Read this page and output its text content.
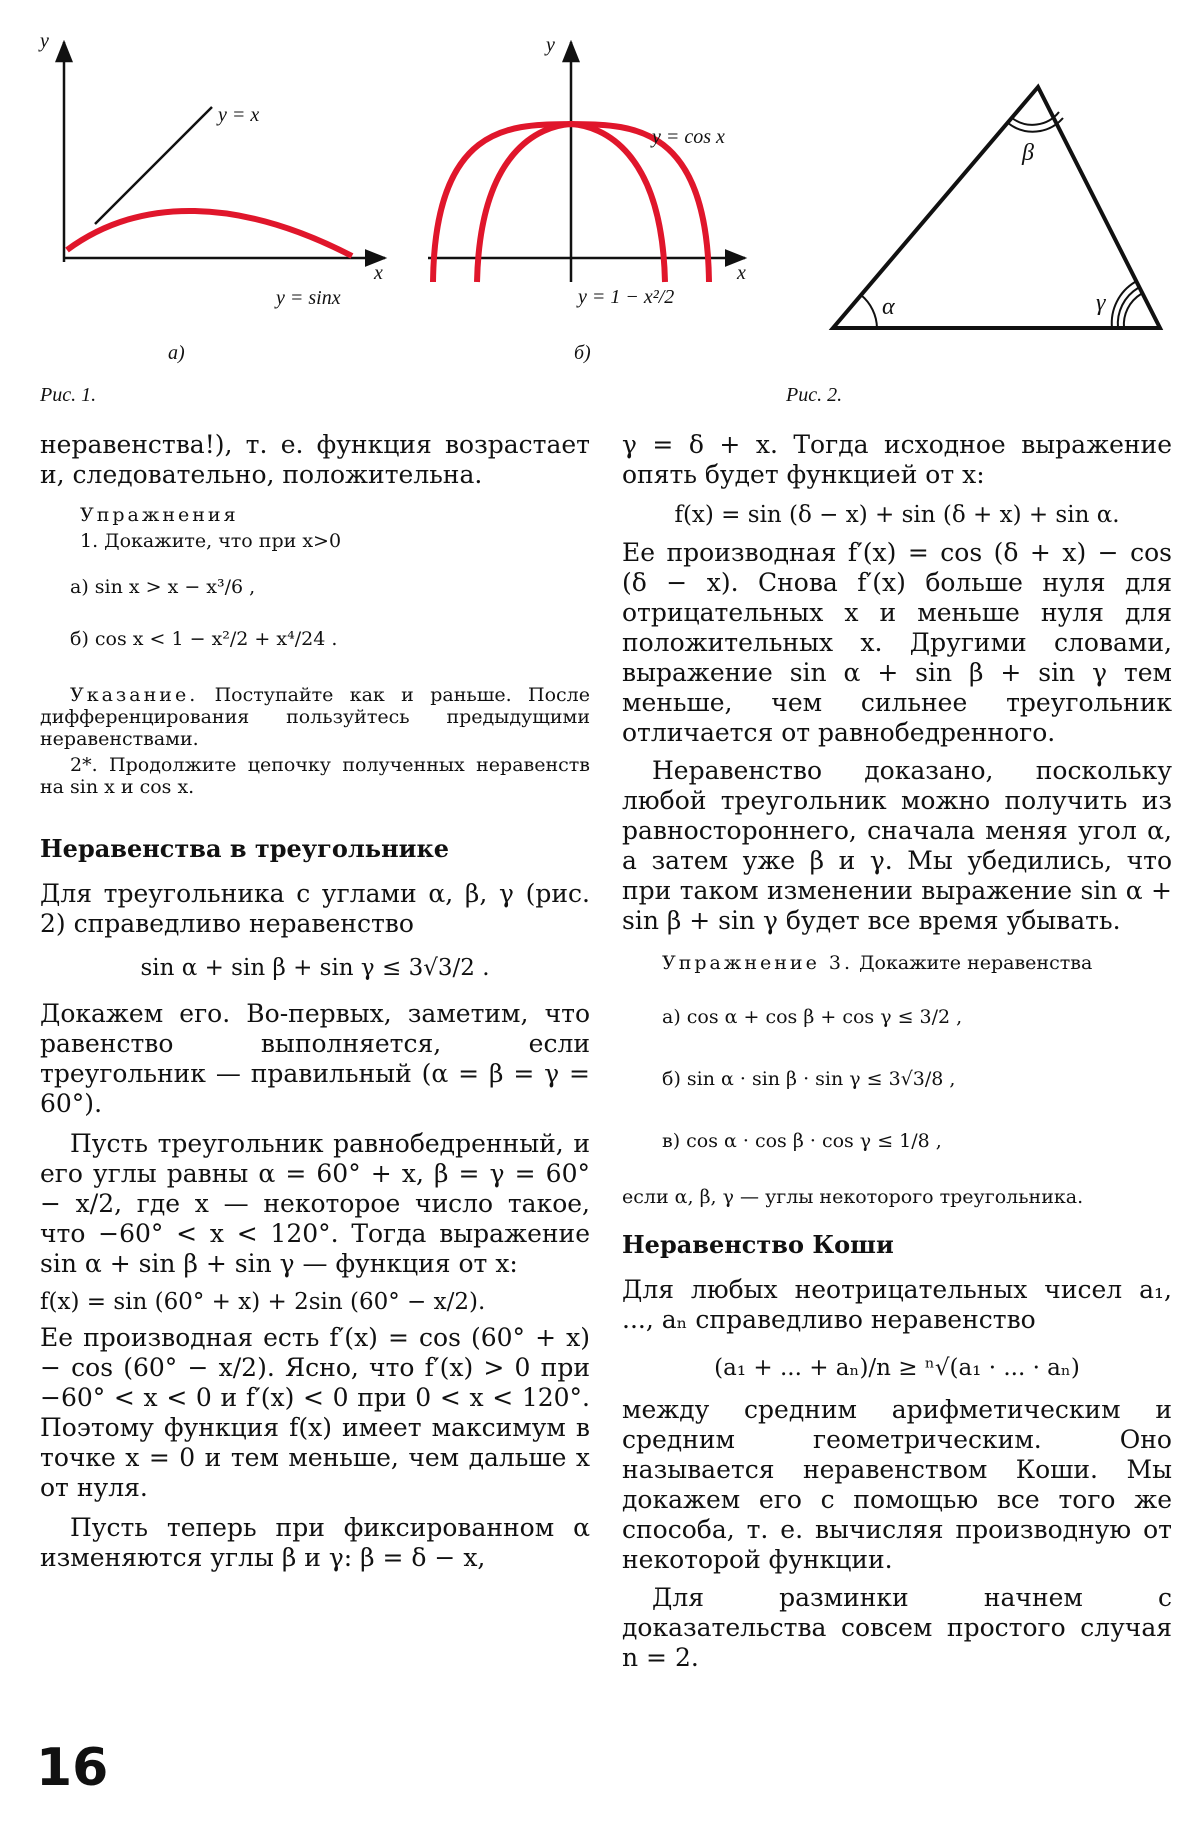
y
x
y = x
y = sinx
а)
y
x
y = cos x
y = 1 − x²/2
б)
Рис. 1.	Рис. 2.
α
β
γ

неравенства!), т. е. функция возрастает и, следовательно, положительна.

Упражнения

1. Докажите, что при x>0

а) sin x > x − x³/6 ,

б) cos x < 1 − x²/2 + x⁴/24 .

Указание. Поступайте как и раньше. После дифференцирования пользуйтесь предыдущими неравенствами.

2*. Продолжите цепочку полученных неравенств на sin x и cos x.

Неравенства в треугольнике

Для треугольника с углами α, β, γ (рис. 2) справедливо неравенство

sin α + sin β + sin γ ≤ 3√3/2 .

Докажем его. Во-первых, заметим, что равенство выполняется, если треугольник — правильный (α = β = γ = 60°).

Пусть треугольник равнобедренный, и его углы равны α = 60° + x, β = γ = 60° − x/2, где x — некоторое число такое, что −60° < x < 120°. Тогда выражение sin α + sin β + sin γ — функция от x:

f(x) = sin (60° + x) + 2sin (60° − x/2).

Ее производная есть f′(x) = cos (60° + x) − cos (60° − x/2). Ясно, что f′(x) > 0 при −60° < x < 0 и f′(x) < 0 при 0 < x < 120°. Поэтому функция f(x) имеет максимум в точке x = 0 и тем меньше, чем дальше x от нуля.

Пусть теперь при фиксированном α изменяются углы β и γ: β = δ − x,

γ = δ + x. Тогда исходное выражение опять будет функцией от x:

f(x) = sin (δ − x) + sin (δ + x) + sin α.

Ее производная f′(x) = cos (δ + x) − cos (δ − x). Снова f′(x) больше нуля для отрицательных x и меньше нуля для положительных x. Другими словами, выражение sin α + sin β + sin γ тем меньше, чем сильнее треугольник отличается от равнобедренного.

Неравенство доказано, поскольку любой треугольник можно получить из равностороннего, сначала меняя угол α, а затем уже β и γ. Мы убедились, что при таком изменении выражение sin α + sin β + sin γ будет все время убывать.

Упражнение 3. Докажите неравенства

а) cos α + cos β + cos γ ≤ 3/2 ,

б) sin α · sin β · sin γ ≤ 3√3/8 ,

в) cos α · cos β · cos γ ≤ 1/8 ,

если α, β, γ — углы некоторого треугольника.

Неравенство Коши

Для любых неотрицательных чисел a₁, ..., aₙ справедливо неравенство

(a₁ + ... + aₙ)/n ≥ ⁿ√(a₁ · ... · aₙ)

между средним арифметическим и средним геометрическим. Оно называется неравенством Коши. Мы докажем его с помощью все того же способа, т. е. вычисляя производную от некоторой функции.

Для разминки начнем с доказательства совсем простого случая n = 2.

16
